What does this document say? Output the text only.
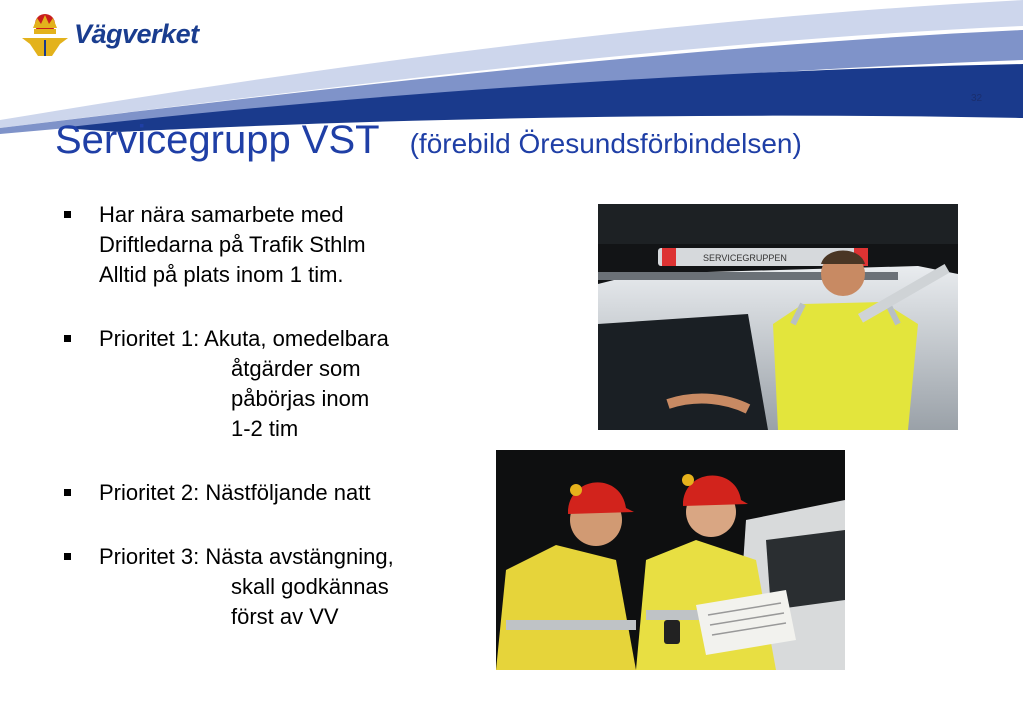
Vägverket
32
Servicegrupp VST (förebild Öresundsförbindelsen)
Har nära samarbete med
Driftledarna på Trafik Sthlm
Alltid på plats inom 1 tim.
Prioritet 1: Akuta, omedelbara
åtgärder som
påbörjas inom
1-2 tim
Prioritet 2: Nästföljande natt
Prioritet 3: Nästa avstängning,
skall godkännas
först av VV
SERVICEGRUPPEN
